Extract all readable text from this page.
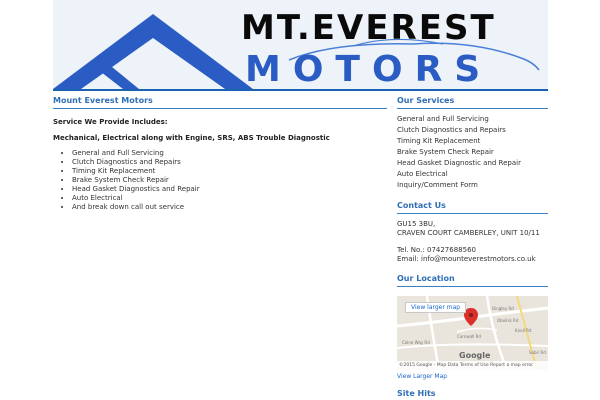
MT.EVEREST
MOTORS
Mount Everest Motors
Service We Provide Includes:
Mechanical, Electrical along with Engine, SRS, ABS Trouble Diagnostic
• General and Full Servicing
• Clutch Diagnostics and Repairs
• Timing Kit Replacement
• Brake System Check Repair
• Head Gasket Diagnostics and Repair
• Auto Electrical
• And break down call out service
Our Services
General and Full Servicing
Clutch Diagnostics and Repairs
Timing Kit Replacement
Brake System Check Repair
Head Gasket Diagnostic and Repair
Auto Electrical
Inquiry/Comment Form
Contact Us

GU15 3BU,

CRAVEN COURT CAMBERLEY, UNIT 10/11

Tel. No.: 07427688560

Email: info@mounteverestmotors.co.uk

Our Location
Dingley Rd
Obelisk Rd
Cornwall Rd
Colne Way Rd
Knoll Rd
Sobir Rd
View larger map
Google
©2015 Google - Map Data Terms of Use Report a map error
View Larger Map
Site Hits
